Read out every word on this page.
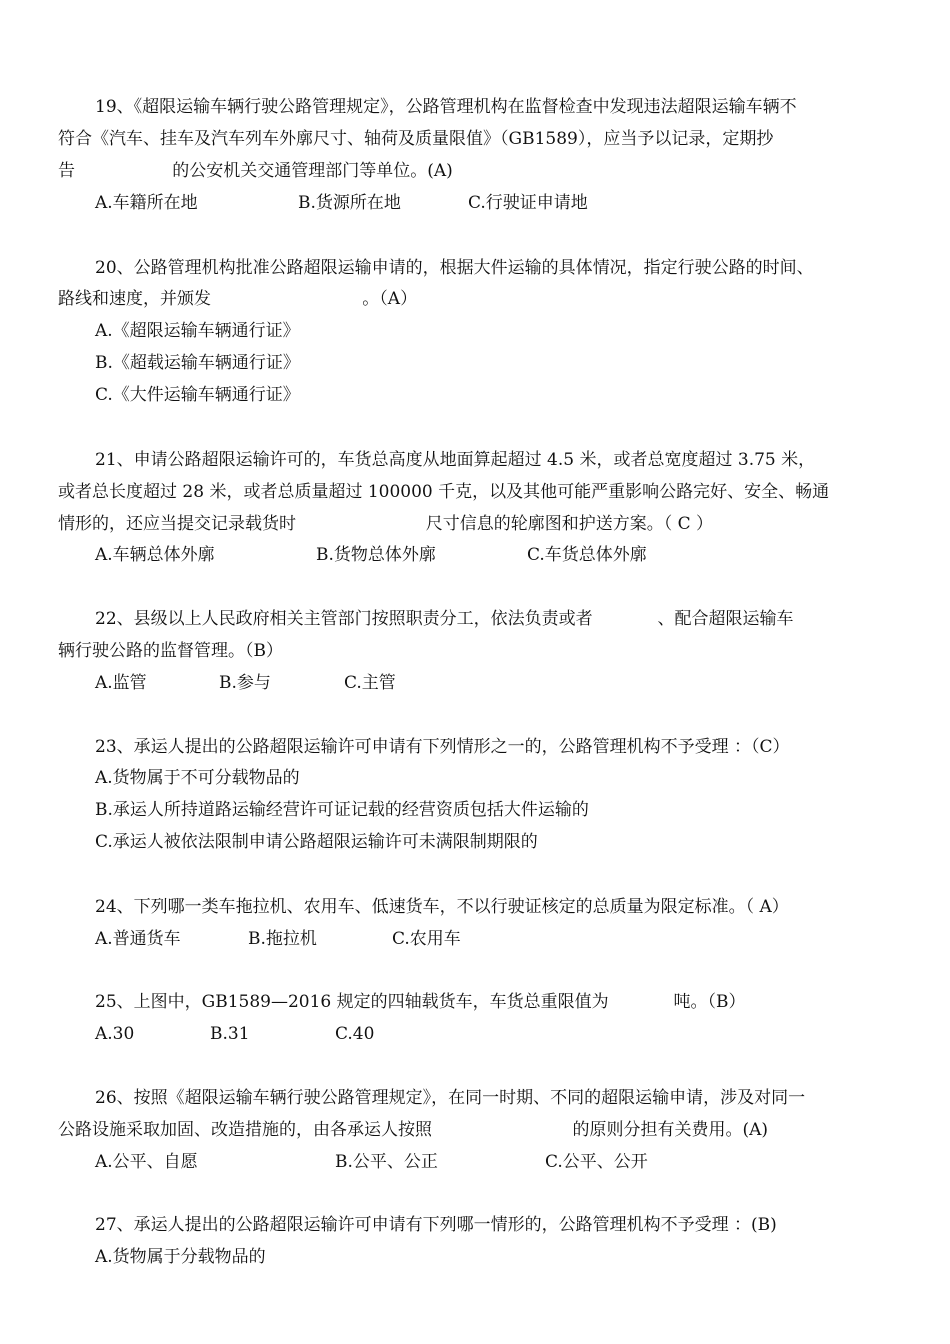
19、《超限运输车辆行驶公路管理规定》，公路管理机构在监督检查中发现违法超限运输车辆不
符合《汽车、挂车及汽车列车外廓尺寸、轴荷及质量限值》（GB1589），应当予以记录，定期抄
告                  的公安机关交通管理部门等单位。(A)
A.车籍所在地	B.货源所在地	C.行驶证申请地
20、公路管理机构批准公路超限运输申请的，根据大件运输的具体情况，指定行驶公路的时间、
路线和速度，并颁发                            。（A）
A.《超限运输车辆通行证》
B.《超载运输车辆通行证》
C.《大件运输车辆通行证》
21、申请公路超限运输许可的，车货总高度从地面算起超过 4.5 米，或者总宽度超过 3.75 米，
或者总长度超过 28 米，或者总质量超过 100000 千克，以及其他可能严重影响公路完好、安全、畅通
情形的，还应当提交记录载货时                        尺寸信息的轮廓图和护送方案。（ C ）
A.车辆总体外廓	B.货物总体外廓	C.车货总体外廓
22、县级以上人民政府相关主管部门按照职责分工，依法负责或者            、配合超限运输车
辆行驶公路的监督管理。（B）
A.监管	B.参与	C.主管
23、承运人提出的公路超限运输许可申请有下列情形之一的，公路管理机构不予受理 ：（C）
A.货物属于不可分载物品的
B.承运人所持道路运输经营许可证记载的经营资质包括大件运输的
C.承运人被依法限制申请公路超限运输许可未满限制期限的
24、下列哪一类车拖拉机、农用车、低速货车，不以行驶证核定的总质量为限定标准。（ A）
A.普通货车	B.拖拉机	C.农用车
25、上图中，GB1589—2016 规定的四轴载货车，车货总重限值为            吨。（B）
A.30	B.31	C.40
26、按照《超限运输车辆行驶公路管理规定》，在同一时期、不同的超限运输申请，涉及对同一
公路设施采取加固、改造措施的，由各承运人按照                          的原则分担有关费用。(A)
A.公平、自愿	B.公平、公正	C.公平、公开
27、承运人提出的公路超限运输许可申请有下列哪一情形的，公路管理机构不予受理 ：(B)
A.货物属于分载物品的
